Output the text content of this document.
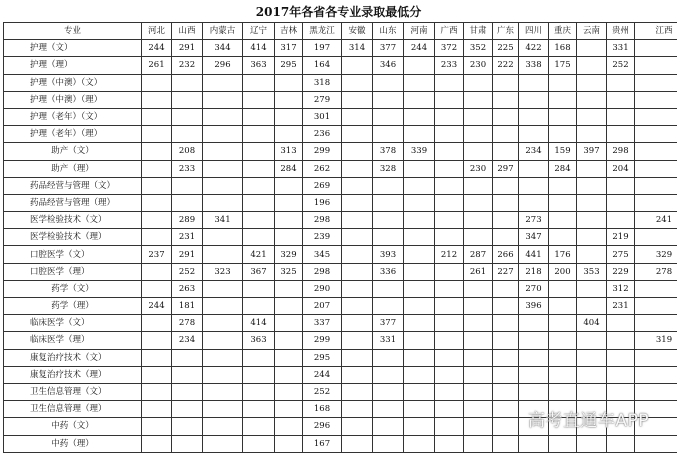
2017年各省各专业录取最低分
专业	河北	山西	内蒙古	辽宁	吉林	黑龙江	安徽	山东	河南	广西	甘肃	广东	四川	重庆	云南	贵州	江西
护理（文）	244	291	344	414	317	197	314	377	244	372	352	225	422	168		331	
护理（理）	261	232	296	363	295	164		346		233	230	222	338	175		252	
护理（中澳）（文）						318											
护理（中澳）（理）						279											
护理（老年）（文）						301											
护理（老年）（理）						236											
助产（文）		208			313	299		378	339				234	159	397	298	
助产（理）		233			284	262		328			230	297		284		204	
药品经营与管理（文）						269											
药品经营与管理（理）						196											
医学检验技术（文）		289	341			298							273				241
医学检验技术（理）		231				239							347			219	
口腔医学（文）	237	291		421	329	345		393		212	287	266	441	176		275	329
口腔医学（理）		252	323	367	325	298		336			261	227	218	200	353	229	278
药学（文）		263				290							270			312	
药学（理）	244	181				207							396			231	
临床医学（文）		278		414		337		377							404		
临床医学（理）		234		363		299		331									319
康复治疗技术（文）						295											
康复治疗技术（理）						244											
卫生信息管理（文）						252											
卫生信息管理（理）						168											
中药（文）						296											
中药（理）						167											
高考直通车APP
